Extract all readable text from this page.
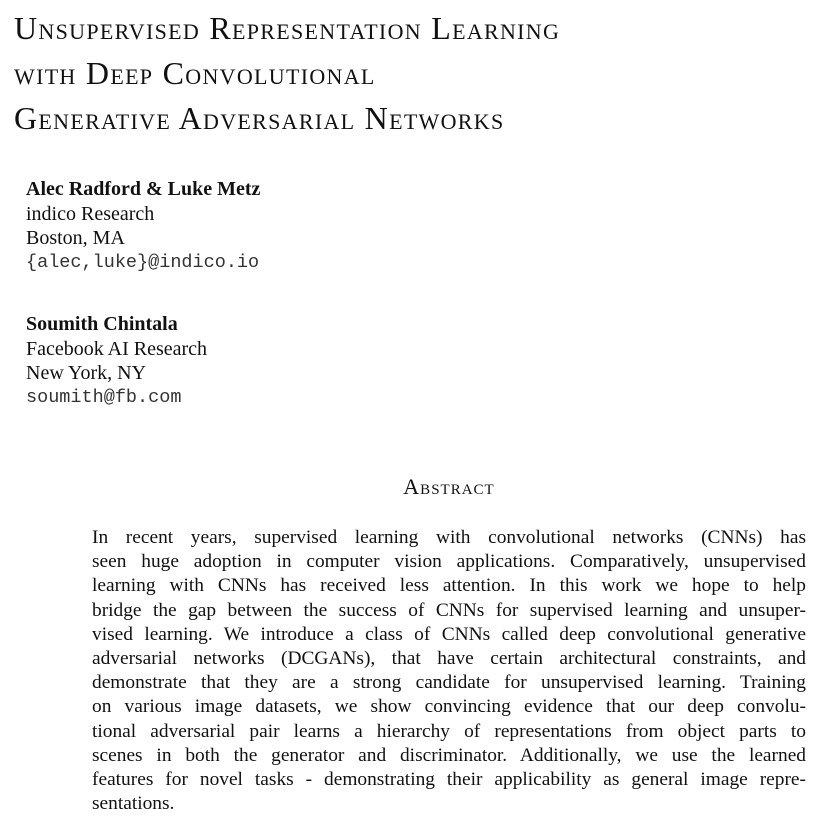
Unsupervised Representation Learning
with Deep Convolutional
Generative Adversarial Networks
Alec Radford & Luke Metz
indico Research
Boston, MA
{alec,luke}@indico.io
Soumith Chintala
Facebook AI Research
New York, NY
soumith@fb.com
Abstract

In recent years, supervised learning with convolutional networks (CNNs) has
seen huge adoption in computer vision applications. Comparatively, unsupervised
learning with CNNs has received less attention. In this work we hope to help
bridge the gap between the success of CNNs for supervised learning and unsuper-
vised learning. We introduce a class of CNNs called deep convolutional generative
adversarial networks (DCGANs), that have certain architectural constraints, and
demonstrate that they are a strong candidate for unsupervised learning. Training
on various image datasets, we show convincing evidence that our deep convolu-
tional adversarial pair learns a hierarchy of representations from object parts to
scenes in both the generator and discriminator. Additionally, we use the learned
features for novel tasks - demonstrating their applicability as general image repre-
sentations.
